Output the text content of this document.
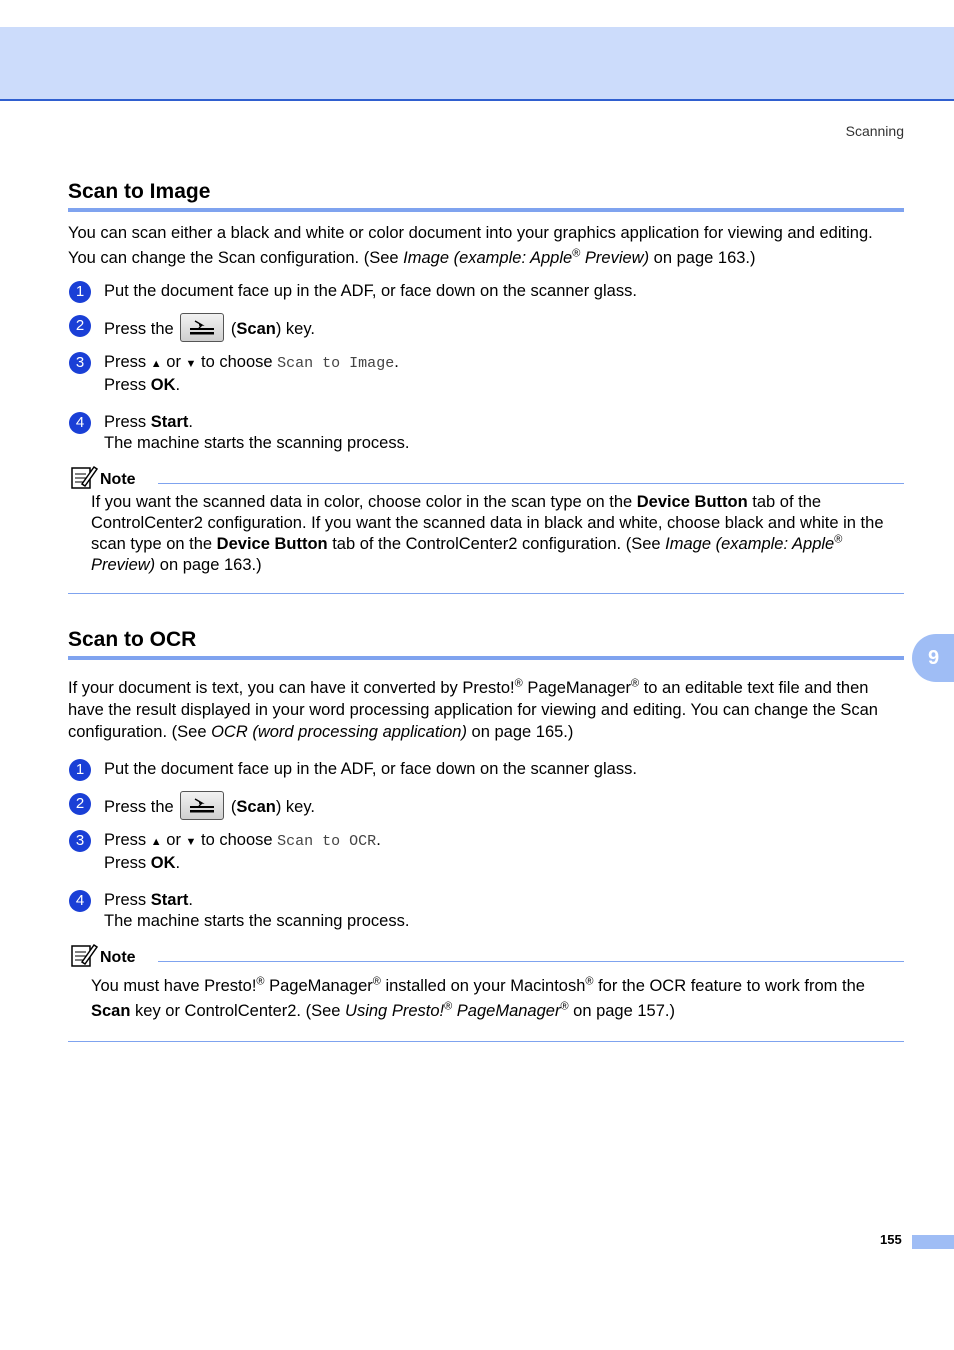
Scanning
9
Scan to Image

You can scan either a black and white or color document into your graphics application for viewing and editing. You can change the Scan configuration. (See Image (example: Apple® Preview) on page 163.)

1	Put the document face up in the ADF, or face down on the scanner glass.
2	Press the	(Scan) key.
3	Press ▲ or ▼ to choose Scan to Image.
Press OK.
4	Press Start.
The machine starts the scanning process.
Note

If you want the scanned data in color, choose color in the scan type on the Device Button tab of the ControlCenter2 configuration. If you want the scanned data in black and white, choose black and white in the scan type on the Device Button tab of the ControlCenter2 configuration. (See Image (example: Apple® Preview) on page 163.)

Scan to OCR

If your document is text, you can have it converted by Presto!® PageManager® to an editable text file and then have the result displayed in your word processing application for viewing and editing. You can change the Scan configuration. (See OCR (word processing application) on page 165.)

1	Put the document face up in the ADF, or face down on the scanner glass.
2	Press the	(Scan) key.
3	Press ▲ or ▼ to choose Scan to OCR.
Press OK.
4	Press Start.
The machine starts the scanning process.
Note

You must have Presto!® PageManager® installed on your Macintosh® for the OCR feature to work from the Scan key or ControlCenter2. (See Using Presto!® PageManager® on page 157.)

155
